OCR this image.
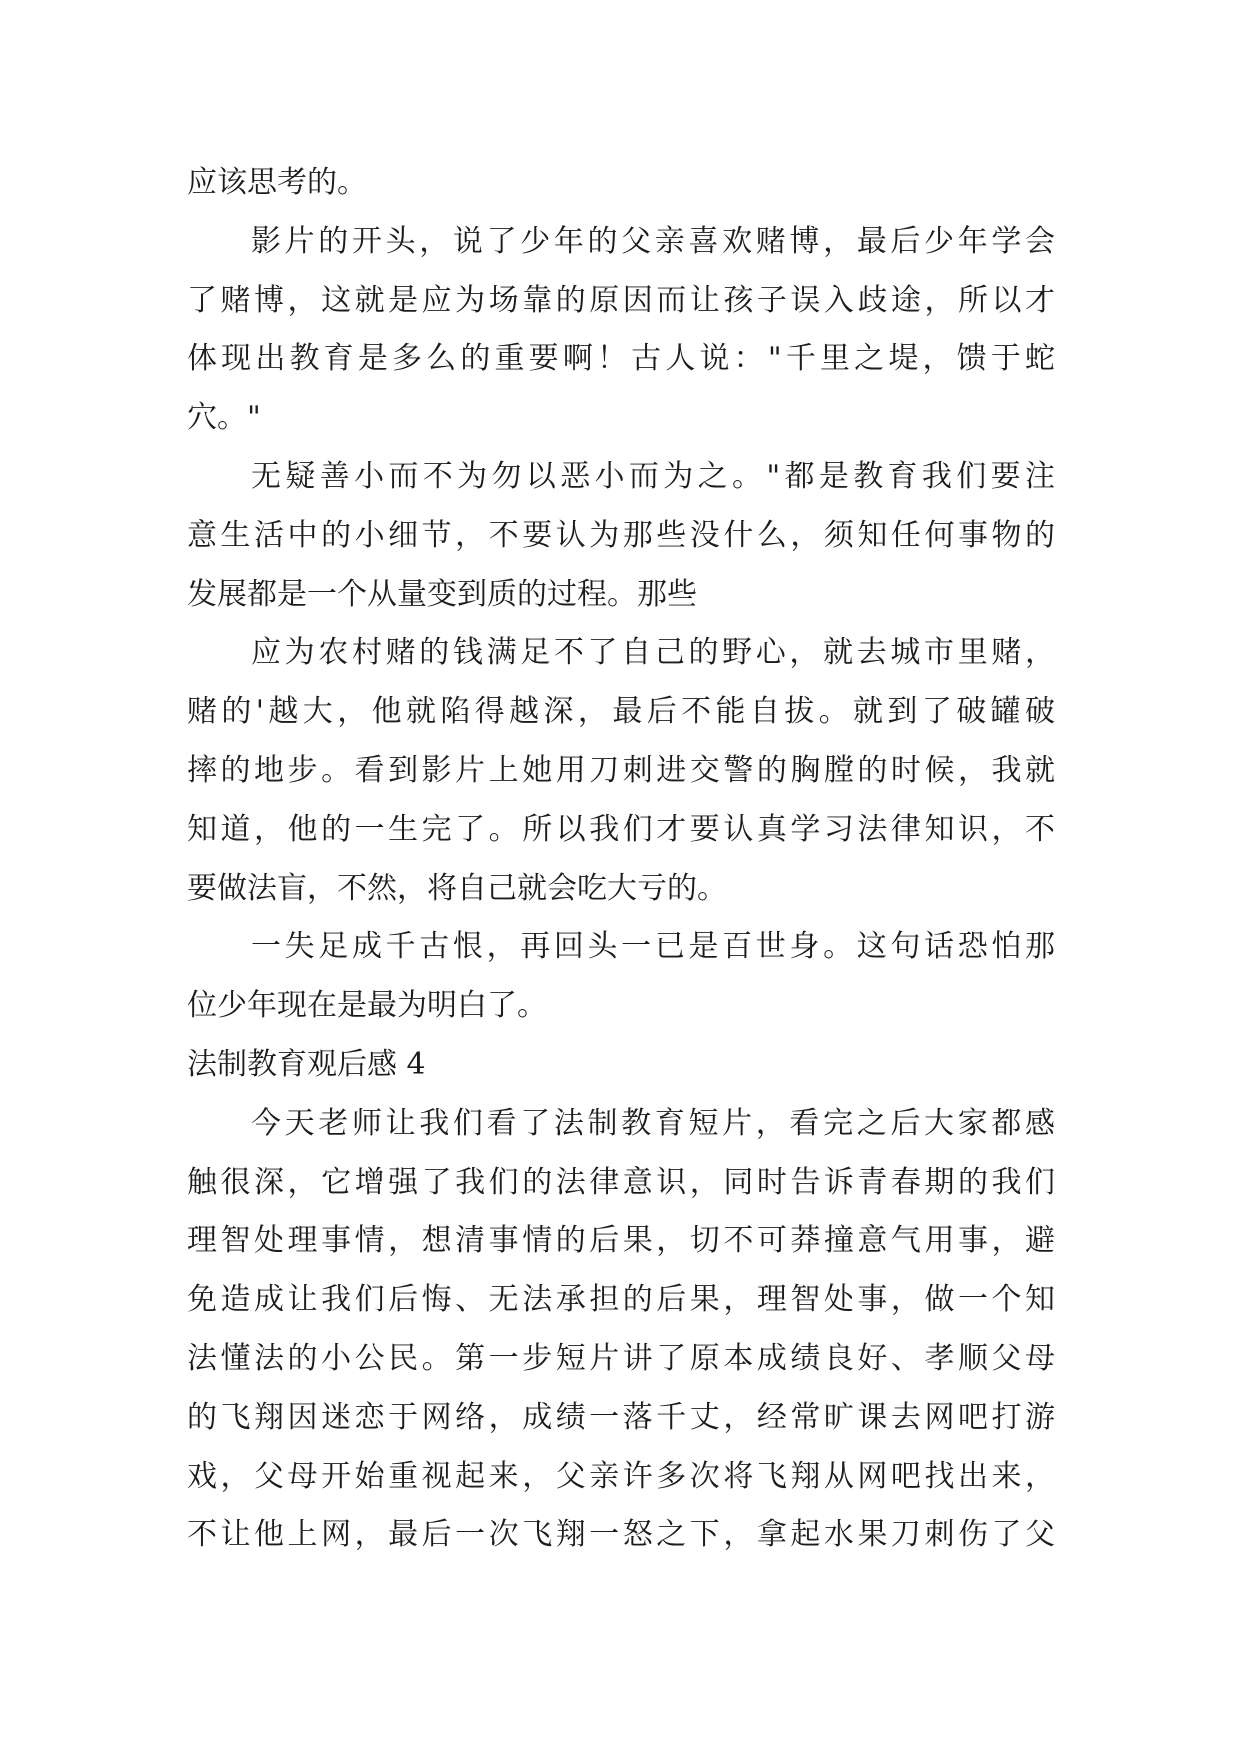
应该思考的。
影片的开头，说了少年的父亲喜欢赌博，最后少年学会
了赌博，这就是应为场靠的原因而让孩子误入歧途，所以才
体现出教育是多么的重要啊！古人说："千里之堤，馈于蛇
穴。"
无疑善小而不为勿以恶小而为之。"都是教育我们要注
意生活中的小细节，不要认为那些没什么，须知任何事物的
发展都是一个从量变到质的过程。那些
应为农村赌的钱满足不了自己的野心，就去城市里赌，
赌的'越大，他就陷得越深，最后不能自拔。就到了破罐破
摔的地步。看到影片上她用刀刺进交警的胸膛的时候，我就
知道，他的一生完了。所以我们才要认真学习法律知识，不
要做法盲，不然，将自己就会吃大亏的。
一失足成千古恨，再回头一已是百世身。这句话恐怕那
位少年现在是最为明白了。
法制教育观后感 4
今天老师让我们看了法制教育短片，看完之后大家都感
触很深，它增强了我们的法律意识，同时告诉青春期的我们
理智处理事情，想清事情的后果，切不可莽撞意气用事，避
免造成让我们后悔、无法承担的后果，理智处事，做一个知
法懂法的小公民。第一步短片讲了原本成绩良好、孝顺父母
的飞翔因迷恋于网络，成绩一落千丈，经常旷课去网吧打游
戏，父母开始重视起来，父亲许多次将飞翔从网吧找出来，
不让他上网，最后一次飞翔一怒之下，拿起水果刀刺伤了父
